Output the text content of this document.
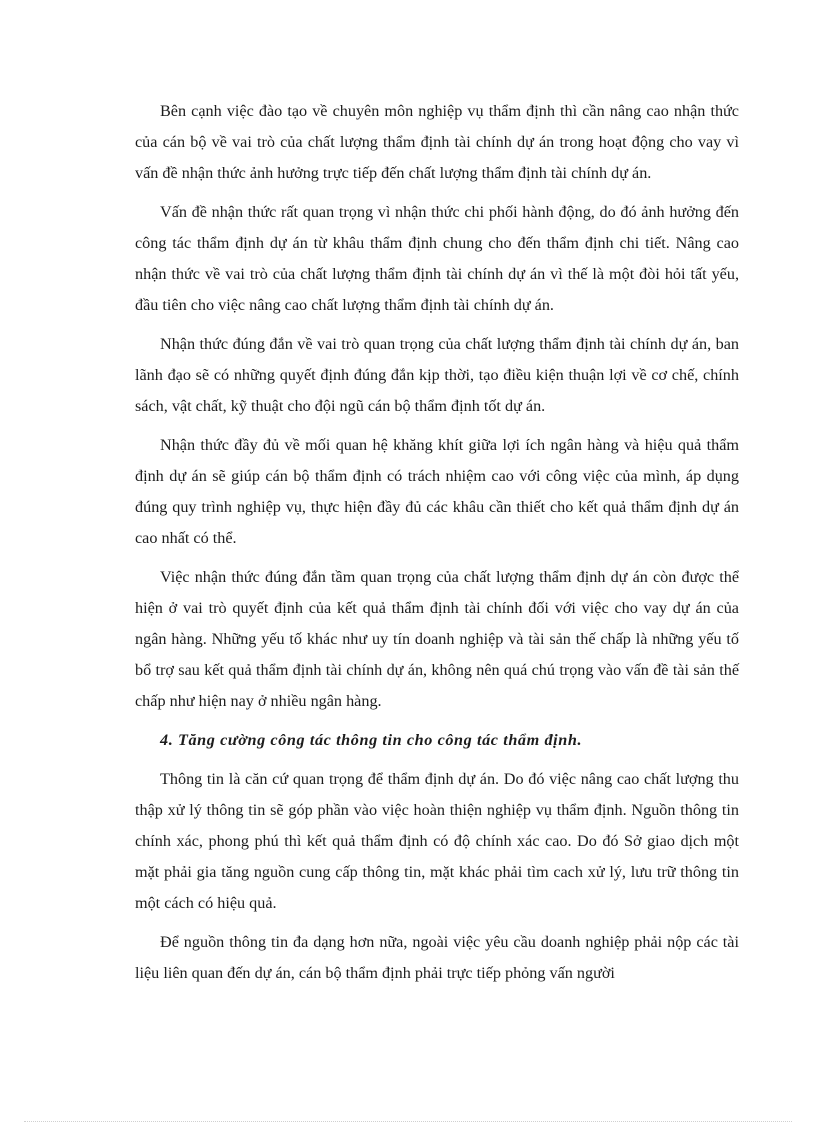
Bên cạnh việc đào tạo về chuyên môn nghiệp vụ thẩm định thì cần nâng cao nhận thức của cán bộ về vai trò của chất lượng thẩm định tài chính dự án trong hoạt động cho vay vì vấn đề nhận thức ảnh hưởng trực tiếp đến chất lượng thẩm định tài chính dự án.

Vấn đề nhận thức rất quan trọng vì nhận thức chi phối hành động, do đó ảnh hưởng đến công tác thẩm định dự án từ khâu thẩm định chung cho đến thẩm định chi tiết. Nâng cao nhận thức về vai trò của chất lượng thẩm định tài chính dự án vì thế là một đòi hỏi tất yếu, đầu tiên cho việc nâng cao chất lượng thẩm định tài chính dự án.

Nhận thức đúng đắn về vai trò quan trọng của chất lượng thẩm định tài chính dự án, ban lãnh đạo sẽ có những quyết định đúng đắn kịp thời, tạo điều kiện thuận lợi về cơ chế, chính sách, vật chất, kỹ thuật cho đội ngũ cán bộ thẩm định tốt dự án.

Nhận thức đầy đủ về mối quan hệ khăng khít giữa lợi ích ngân hàng và hiệu quả thẩm định dự án sẽ giúp cán bộ thẩm định có trách nhiệm cao với công việc của mình, áp dụng đúng quy trình nghiệp vụ, thực hiện đầy đủ các khâu cần thiết cho kết quả thẩm định dự án cao nhất có thể.

Việc nhận thức đúng đắn tầm quan trọng của chất lượng thẩm định dự án còn được thể hiện ở vai trò quyết định của kết quả thẩm định tài chính đối với việc cho vay dự án của ngân hàng. Những yếu tố khác như uy tín doanh nghiệp và tài sản thế chấp là những yếu tố bổ trợ sau kết quả thẩm định tài chính dự án, không nên quá chú trọng vào vấn đề tài sản thế chấp như hiện nay ở nhiều ngân hàng.

4. Tăng cường công tác thông tin cho công tác thẩm định.

Thông tin là căn cứ quan trọng để thẩm định dự án. Do đó việc nâng cao chất lượng thu thập xử lý thông tin sẽ góp phần vào việc hoàn thiện nghiệp vụ thẩm định. Nguồn thông tin chính xác, phong phú thì kết quả thẩm định có độ chính xác cao. Do đó Sở giao dịch một mặt phải gia tăng nguồn cung cấp thông tin, mặt khác phải tìm cach xử lý, lưu trữ thông tin một cách có hiệu quả.

Để nguồn thông tin đa dạng hơn nữa, ngoài việc yêu cầu doanh nghiệp phải nộp các tài liệu liên quan đến dự án, cán bộ thẩm định phải trực tiếp phỏng vấn người
